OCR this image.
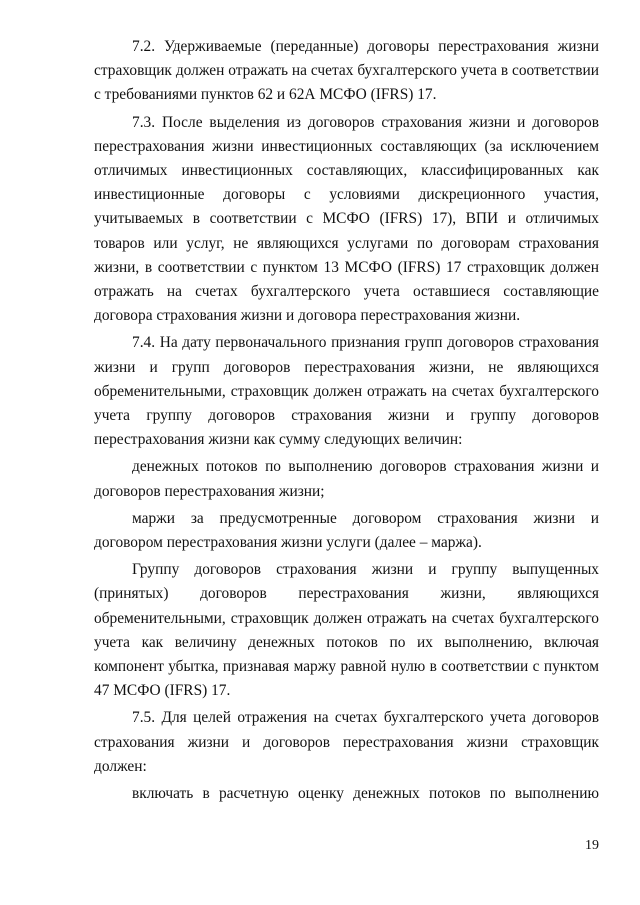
7.2. Удерживаемые (переданные) договоры перестрахования жизни страховщик должен отражать на счетах бухгалтерского учета в соответствии с требованиями пунктов 62 и 62А МСФО (IFRS) 17.

7.3. После выделения из договоров страхования жизни и договоров перестрахования жизни инвестиционных составляющих (за исключением отличимых инвестиционных составляющих, классифицированных как инвестиционные договоры с условиями дискреционного участия, учитываемых в соответствии с МСФО (IFRS) 17), ВПИ и отличимых товаров или услуг, не являющихся услугами по договорам страхования жизни, в соответствии с пунктом 13 МСФО (IFRS) 17 страховщик должен отражать на счетах бухгалтерского учета оставшиеся составляющие договора страхования жизни и договора перестрахования жизни.

7.4. На дату первоначального признания групп договоров страхования жизни и групп договоров перестрахования жизни, не являющихся обременительными, страховщик должен отражать на счетах бухгалтерского учета группу договоров страхования жизни и группу договоров перестрахования жизни как сумму следующих величин:

денежных потоков по выполнению договоров страхования жизни и договоров перестрахования жизни;

маржи за предусмотренные договором страхования жизни и договором перестрахования жизни услуги (далее – маржа).

Группу договоров страхования жизни и группу выпущенных (принятых) договоров перестрахования жизни, являющихся обременительными, страховщик должен отражать на счетах бухгалтерского учета как величину денежных потоков по их выполнению, включая компонент убытка, признавая маржу равной нулю в соответствии с пунктом 47 МСФО (IFRS) 17.

7.5. Для целей отражения на счетах бухгалтерского учета договоров страхования жизни и договоров перестрахования жизни страховщик должен:

включать в расчетную оценку денежных потоков по выполнению

19
